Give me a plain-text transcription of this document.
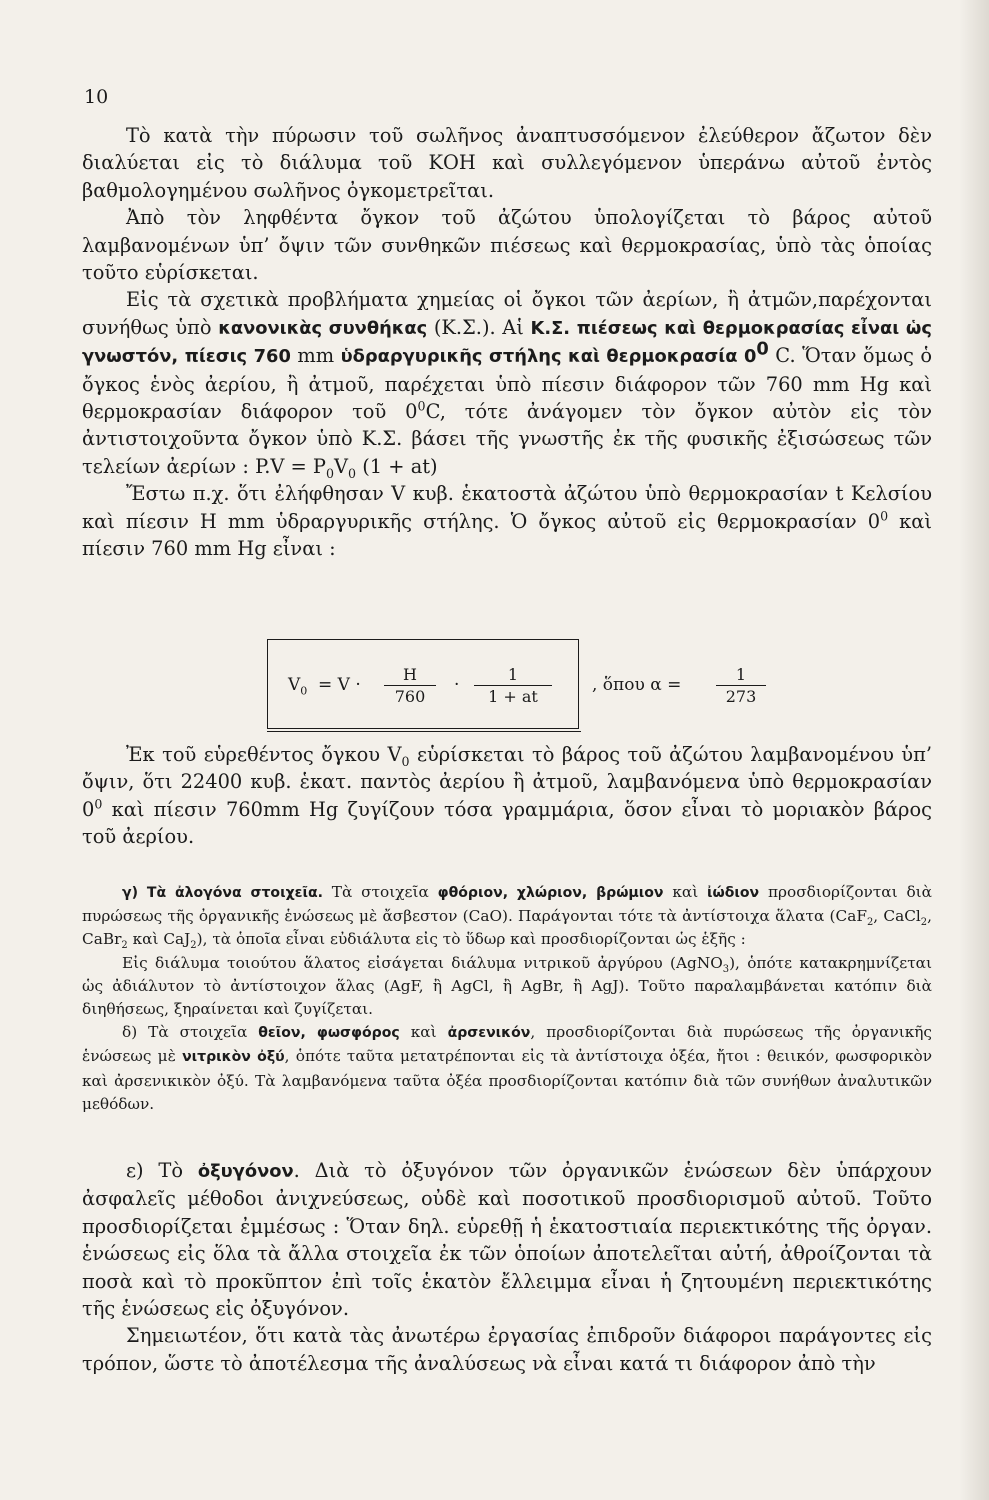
10

Τὸ κατὰ τὴν πύρωσιν τοῦ σωλῆνος ἀναπτυσσόμενον ἐλεύθερον ἄζωτον δὲν διαλύεται εἰς τὸ διάλυμα τοῦ ΚΟΗ καὶ συλλεγόμενον ὑπεράνω αὐτοῦ ἐντὸς βαθμολογημένου σωλῆνος ὀγκομετρεῖται.

Ἀπὸ τὸν ληφθέντα ὄγκον τοῦ ἀζώτου ὑπολογίζεται τὸ βάρος αὐτοῦ λαμβανομένων ὑπ’ ὄψιν τῶν συνθηκῶν πιέσεως καὶ θερμοκρασίας, ὑπὸ τὰς ὁποίας τοῦτο εὑρίσκεται.

Εἰς τὰ σχετικὰ προβλήματα χημείας οἱ ὄγκοι τῶν ἀερίων, ἢ ἀτμῶν,παρέχονται συνήθως ὑπὸ κανονικὰς συνθήκας (Κ.Σ.). Αἱ Κ.Σ. πιέσεως καὶ θερμοκρασίας εἶναι ὡς γνωστόν, πίεσις 760 mm ὑδραργυρικῆς στήλης καὶ θερμοκρασία $0^0$ C. Ὅταν ὅμως ὁ ὄγκος ἑνὸς ἀερίου, ἢ ἀτμοῦ, παρέχεται ὑπὸ πίεσιν διάφορον τῶν 760 mm Hg καὶ θερμοκρασίαν διάφορον τοῦ $0^0C$, τότε ἀνάγομεν τὸν ὄγκον αὐτὸν εἰς τὸν ἀντιστοιχοῦντα ὄγκον ὑπὸ Κ.Σ. βάσει τῆς γνωστῆς ἐκ τῆς φυσικῆς ἐξισώσεως τῶν τελείων ἀερίων : $P.V = P_0V_0$ (1 + at)

Ἔστω π.χ. ὅτι ἐλήφθησαν V κυβ. ἑκατοστὰ ἀζώτου ὑπὸ θερμοκρασίαν t Κελσίου καὶ πίεσιν Η mm ὑδραργυρικῆς στήλης. Ὁ ὄγκος αὐτοῦ εἰς θερμοκρασίαν $0^0$ καὶ πίεσιν 760 mm Hg εἶναι :

$V_0 = V$ ·
H
760
·
1
1 + at
, ὅπου α =
1
273

Ἐκ τοῦ εὑρεθέντος ὄγκου $V_0$ εὑρίσκεται τὸ βάρος τοῦ ἀζώτου λαμβανομένου ὑπ’ ὄψιν, ὅτι 22400 κυβ. ἑκατ. παντὸς ἀερίου ἢ ἀτμοῦ, λαμβανόμενα ὑπὸ θερμοκρασίαν $0^0$ καὶ πίεσιν 760mm Hg ζυγίζουν τόσα γραμμάρια, ὅσον εἶναι τὸ μοριακὸν βάρος τοῦ ἀερίου.

γ) Τὰ ἀλογόνα στοιχεῖα. Τὰ στοιχεῖα φθόριον, χλώριον, βρώμιον καὶ ἰώδιον προσδιορίζονται διὰ πυρώσεως τῆς ὀργανικῆς ἑνώσεως μὲ ἄσβεστον (CaO). Παράγονται τότε τὰ ἀντίστοιχα ἅλατα (CaF$_2$, CaCl$_2$, CaBr$_2$ καὶ CaJ$_2$), τὰ ὁποῖα εἶναι εὐδιάλυτα εἰς τὸ ὕδωρ καὶ προσδιορίζονται ὡς ἑξῆς :

Εἰς διάλυμα τοιούτου ἅλατος εἰσάγεται διάλυμα νιτρικοῦ ἀργύρου (AgNO$_3$), ὁπότε κατακρημνίζεται ὡς ἀδιάλυτον τὸ ἀντίστοιχον ἅλας (AgF, ἢ AgCl, ἢ AgBr, ἢ AgJ). Τοῦτο παραλαμβάνεται κατόπιν διὰ διηθήσεως, ξηραίνεται καὶ ζυγίζεται.

δ) Τὰ στοιχεῖα θεῖον, φωσφόρος καὶ ἀρσενικόν, προσδιορίζονται διὰ πυρώσεως τῆς ὀργανικῆς ἑνώσεως μὲ νιτρικὸν ὀξύ, ὁπότε ταῦτα μετατρέπονται εἰς τὰ ἀντίστοιχα ὀξέα, ἤτοι : θειικόν, φωσφορικὸν καὶ ἀρσενικικὸν ὀξύ. Τὰ λαμβανόμενα ταῦτα ὀξέα προσδιορίζονται κατόπιν διὰ τῶν συνήθων ἀναλυτικῶν μεθόδων.

ε) Τὸ ὀξυγόνον. Διὰ τὸ ὀξυγόνον τῶν ὀργανικῶν ἑνώσεων δὲν ὑπάρχουν ἀσφαλεῖς μέθοδοι ἀνιχνεύσεως, οὐδὲ καὶ ποσοτικοῦ προσδιορισμοῦ αὐτοῦ. Τοῦτο προσδιορίζεται ἐμμέσως : Ὅταν δηλ. εὑρεθῇ ἡ ἑκατοστιαία περιεκτικότης τῆς ὀργαν. ἑνώσεως εἰς ὅλα τὰ ἄλλα στοιχεῖα ἐκ τῶν ὁποίων ἀποτελεῖται αὐτή, ἀθροίζονται τὰ ποσὰ καὶ τὸ προκῦπτον ἐπὶ τοῖς ἑκατὸν ἔλλειμμα εἶναι ἡ ζητουμένη περιεκτικότης τῆς ἑνώσεως εἰς ὀξυγόνον.

Σημειωτέον, ὅτι κατὰ τὰς ἀνωτέρω ἐργασίας ἐπιδροῦν διάφοροι παράγοντες εἰς τρόπον, ὥστε τὸ ἀποτέλεσμα τῆς ἀναλύσεως νὰ εἶναι κατά τι διάφορον ἀπὸ τὴν
